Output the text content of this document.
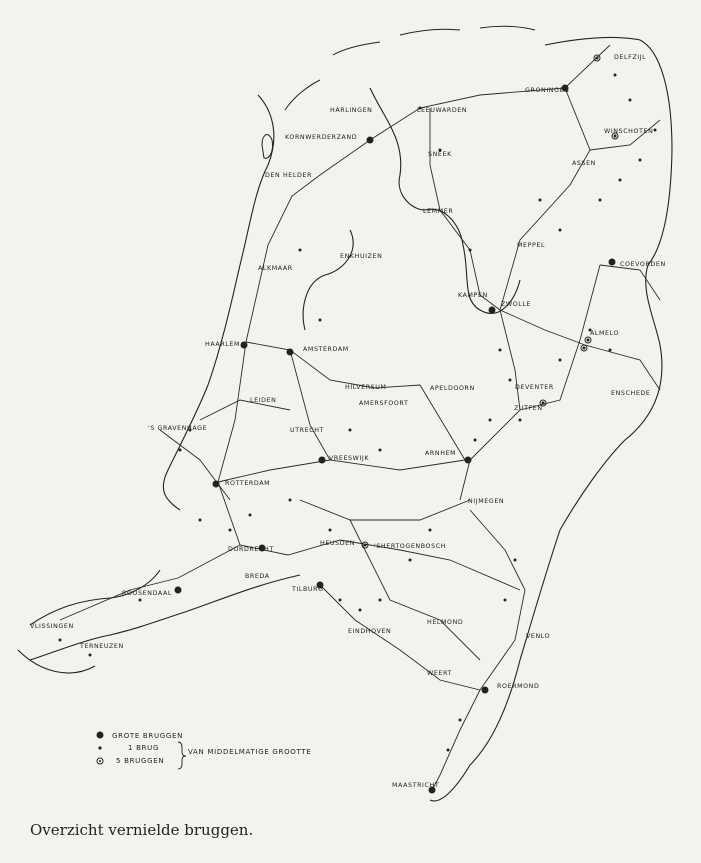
DELFZIJL
GRONINGEN
WINSCHOTEN
HARLINGEN	LEEUWARDEN
KORNWERDERZAND
SNEEK
ASSEN
DEN HELDER
LEMMER
MEPPEL
ENKHUIZEN
ALKMAAR
COEVORDEN
KAMPEN
ZWOLLE
ALMELO
HAARLEM
AMSTERDAM
HILVERSUM	APELDOORN	DEVENTER
ENSCHEDE
LEIDEN	AMERSFOORT
ZUTFEN
'S GRAVENHAGE	UTRECHT
VREESWIJK
ARNHEM
ROTTERDAM
NIJMEGEN
DORDRECHT
HEUSDEN	'SHERTOGENBOSCH
BREDA
ROOSENDAAL
TILBURG
HELMOND
EINDHOVEN
VLISSINGEN
TERNEUZEN
VENLO
WEERT
ROERMOND
MAASTRICHT
GROTE BRUGGEN
1 BRUG
5 BRUGGEN
VAN MIDDELMATIGE GROOTTE
Overzicht vernielde bruggen.
